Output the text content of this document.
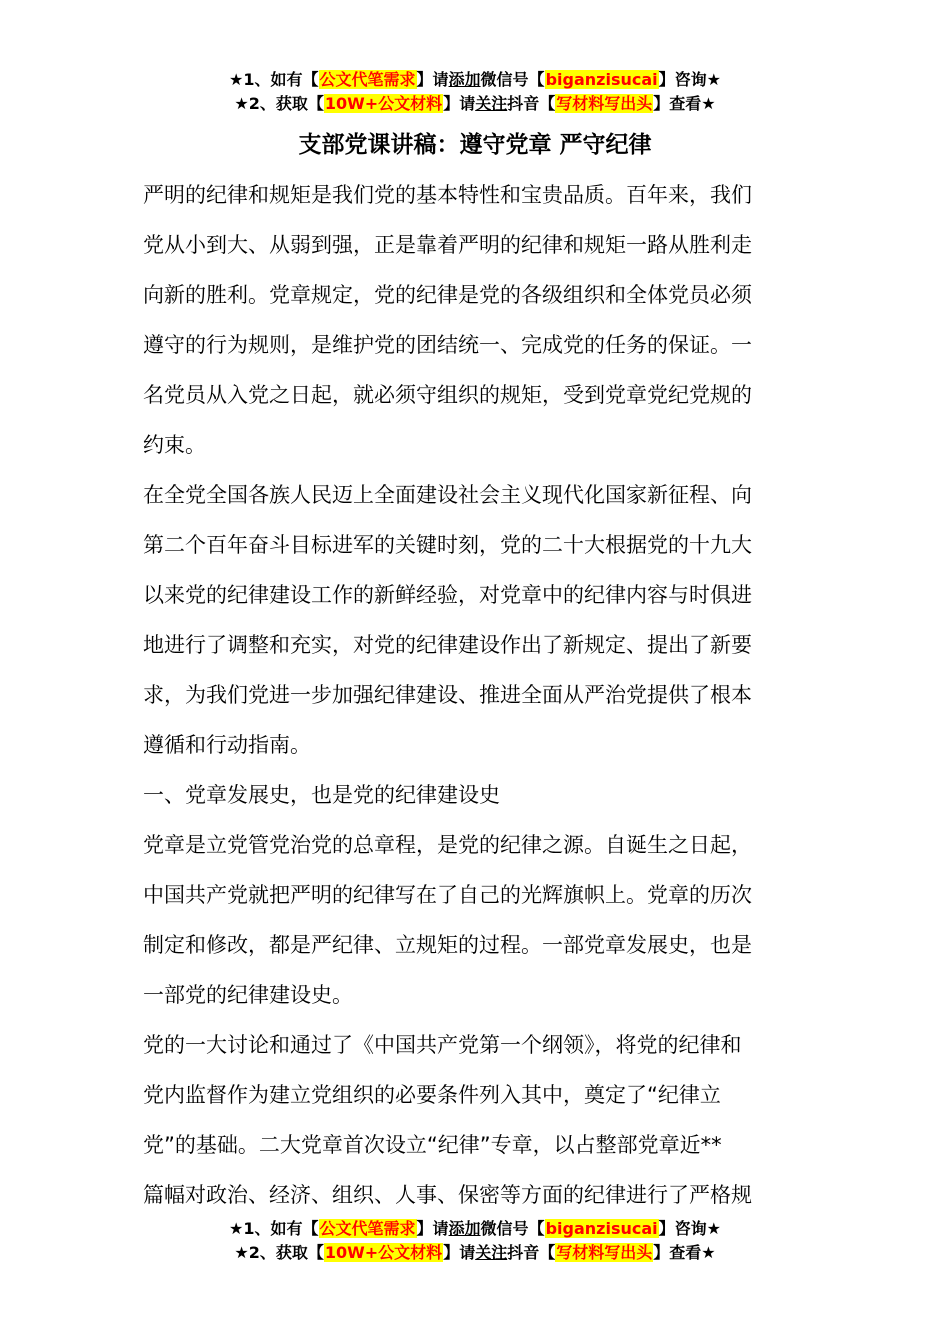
★1、如有【公文代笔需求】请添加微信号【biganzisucai】咨询★
★2、获取【10W+公文材料】请关注抖音【写材料写出头】查看★
支部党课讲稿：遵守党章 严守纪律

严明的纪律和规矩是我们党的基本特性和宝贵品质。百年来，我们
党从小到大、从弱到强，正是靠着严明的纪律和规矩一路从胜利走
向新的胜利。党章规定，党的纪律是党的各级组织和全体党员必须
遵守的行为规则，是维护党的团结统一、完成党的任务的保证。一
名党员从入党之日起，就必须守组织的规矩，受到党章党纪党规的
约束。

在全党全国各族人民迈上全面建设社会主义现代化国家新征程、向
第二个百年奋斗目标进军的关键时刻，党的二十大根据党的十九大
以来党的纪律建设工作的新鲜经验，对党章中的纪律内容与时俱进
地进行了调整和充实，对党的纪律建设作出了新规定、提出了新要
求，为我们党进一步加强纪律建设、推进全面从严治党提供了根本
遵循和行动指南。

一、党章发展史，也是党的纪律建设史

党章是立党管党治党的总章程，是党的纪律之源。自诞生之日起，
中国共产党就把严明的纪律写在了自己的光辉旗帜上。党章的历次
制定和修改，都是严纪律、立规矩的过程。一部党章发展史，也是
一部党的纪律建设史。

党的一大讨论和通过了《中国共产党第一个纲领》，将党的纪律和
党内监督作为建立党组织的必要条件列入其中，奠定了“纪律立
党”的基础。二大党章首次设立“纪律”专章，以占整部党章近**
篇幅对政治、经济、组织、人事、保密等方面的纪律进行了严格规

★1、如有【公文代笔需求】请添加微信号【biganzisucai】咨询★
★2、获取【10W+公文材料】请关注抖音【写材料写出头】查看★
